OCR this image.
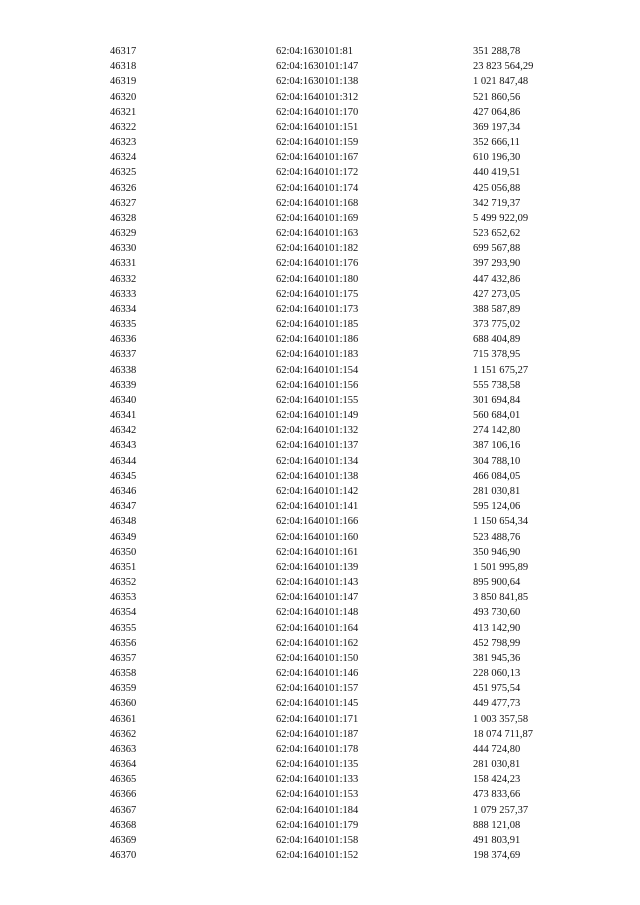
46317	62:04:1630101:81	351 288,78
46318	62:04:1630101:147	23 823 564,29
46319	62:04:1630101:138	1 021 847,48
46320	62:04:1640101:312	521 860,56
46321	62:04:1640101:170	427 064,86
46322	62:04:1640101:151	369 197,34
46323	62:04:1640101:159	352 666,11
46324	62:04:1640101:167	610 196,30
46325	62:04:1640101:172	440 419,51
46326	62:04:1640101:174	425 056,88
46327	62:04:1640101:168	342 719,37
46328	62:04:1640101:169	5 499 922,09
46329	62:04:1640101:163	523 652,62
46330	62:04:1640101:182	699 567,88
46331	62:04:1640101:176	397 293,90
46332	62:04:1640101:180	447 432,86
46333	62:04:1640101:175	427 273,05
46334	62:04:1640101:173	388 587,89
46335	62:04:1640101:185	373 775,02
46336	62:04:1640101:186	688 404,89
46337	62:04:1640101:183	715 378,95
46338	62:04:1640101:154	1 151 675,27
46339	62:04:1640101:156	555 738,58
46340	62:04:1640101:155	301 694,84
46341	62:04:1640101:149	560 684,01
46342	62:04:1640101:132	274 142,80
46343	62:04:1640101:137	387 106,16
46344	62:04:1640101:134	304 788,10
46345	62:04:1640101:138	466 084,05
46346	62:04:1640101:142	281 030,81
46347	62:04:1640101:141	595 124,06
46348	62:04:1640101:166	1 150 654,34
46349	62:04:1640101:160	523 488,76
46350	62:04:1640101:161	350 946,90
46351	62:04:1640101:139	1 501 995,89
46352	62:04:1640101:143	895 900,64
46353	62:04:1640101:147	3 850 841,85
46354	62:04:1640101:148	493 730,60
46355	62:04:1640101:164	413 142,90
46356	62:04:1640101:162	452 798,99
46357	62:04:1640101:150	381 945,36
46358	62:04:1640101:146	228 060,13
46359	62:04:1640101:157	451 975,54
46360	62:04:1640101:145	449 477,73
46361	62:04:1640101:171	1 003 357,58
46362	62:04:1640101:187	18 074 711,87
46363	62:04:1640101:178	444 724,80
46364	62:04:1640101:135	281 030,81
46365	62:04:1640101:133	158 424,23
46366	62:04:1640101:153	473 833,66
46367	62:04:1640101:184	1 079 257,37
46368	62:04:1640101:179	888 121,08
46369	62:04:1640101:158	491 803,91
46370	62:04:1640101:152	198 374,69
